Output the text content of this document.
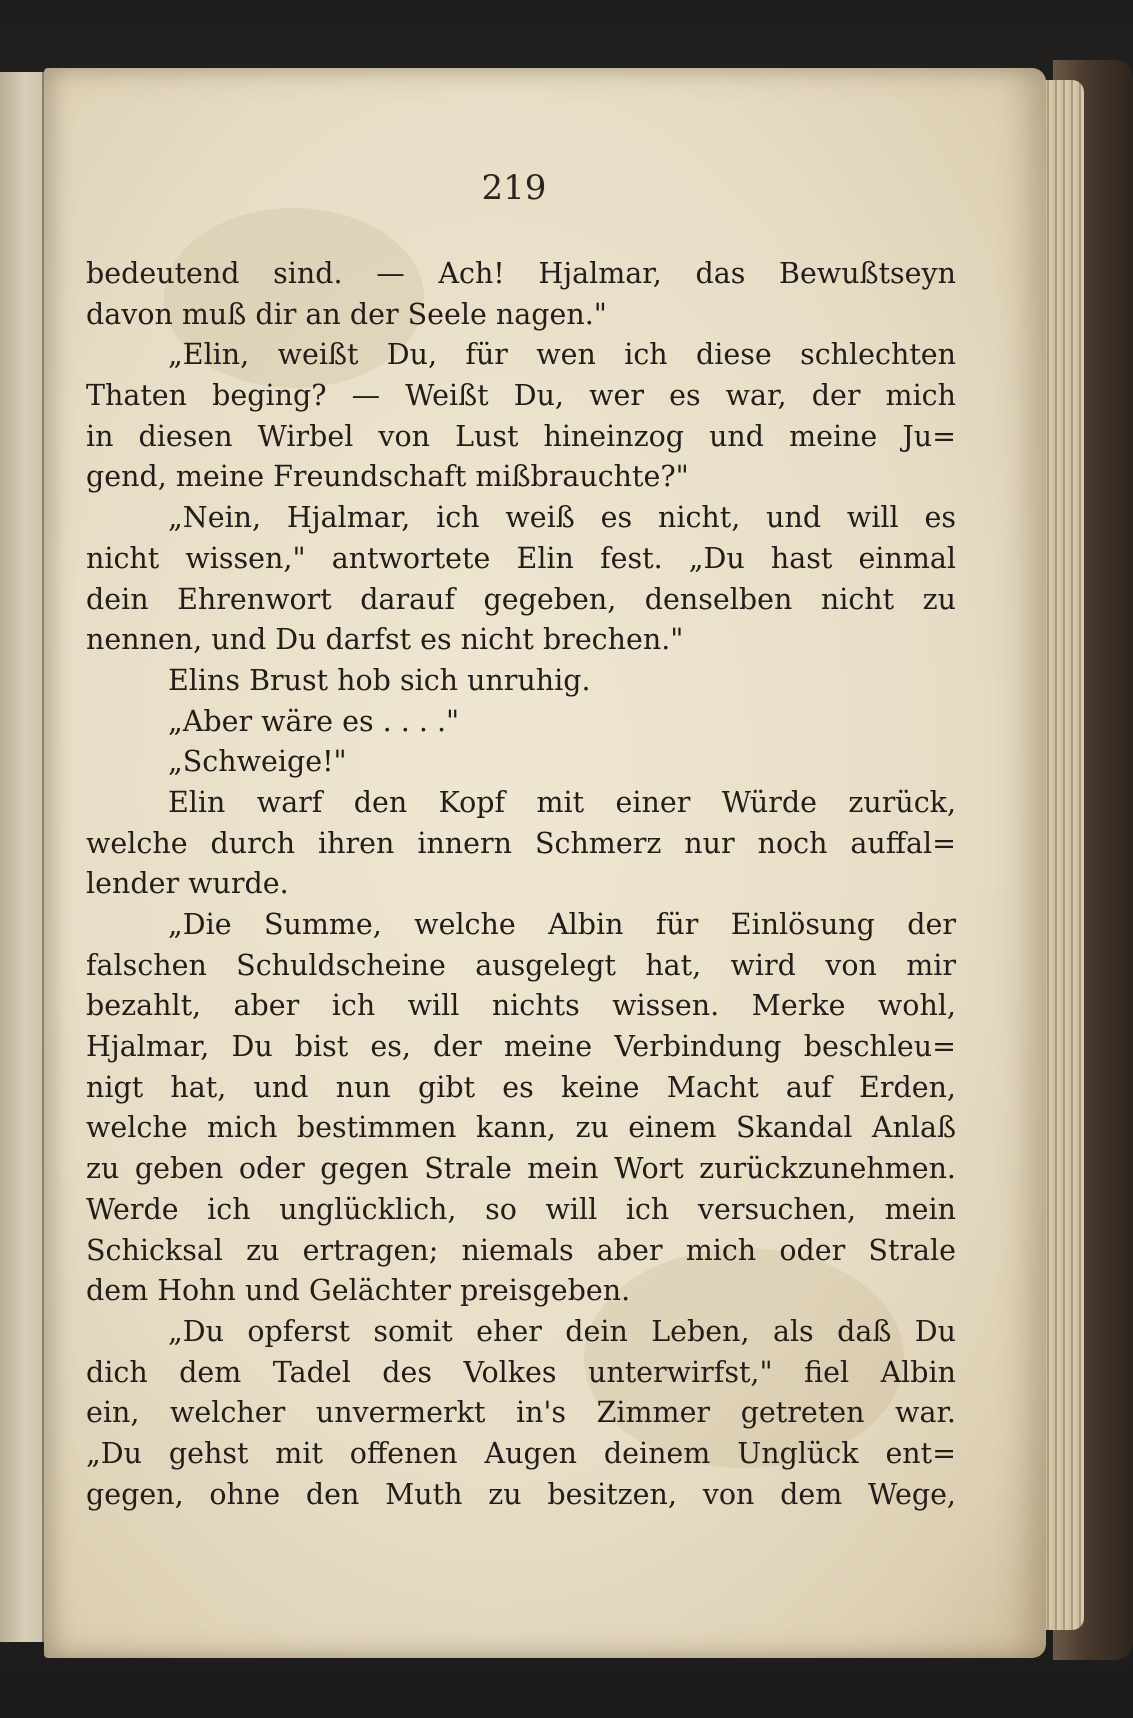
219
bedeutend sind. — Ach! Hjalmar, das Bewußtseyn
davon muß dir an der Seele nagen."
„Elin, weißt Du, für wen ich diese schlechten
Thaten beging? — Weißt Du, wer es war, der mich
in diesen Wirbel von Lust hineinzog und meine Ju=
gend, meine Freundschaft mißbrauchte?"
„Nein, Hjalmar, ich weiß es nicht, und will es
nicht wissen," antwortete Elin fest. „Du hast einmal
dein Ehrenwort darauf gegeben, denselben nicht zu
nennen, und Du darfst es nicht brechen."
Elins Brust hob sich unruhig.
„Aber wäre es . . . ."
„Schweige!"
Elin warf den Kopf mit einer Würde zurück,
welche durch ihren innern Schmerz nur noch auffal=
lender wurde.
„Die Summe, welche Albin für Einlösung der
falschen Schuldscheine ausgelegt hat, wird von mir
bezahlt, aber ich will nichts wissen. Merke wohl,
Hjalmar, Du bist es, der meine Verbindung beschleu=
nigt hat, und nun gibt es keine Macht auf Erden,
welche mich bestimmen kann, zu einem Skandal Anlaß
zu geben oder gegen Strale mein Wort zurückzunehmen.
Werde ich unglücklich, so will ich versuchen, mein
Schicksal zu ertragen; niemals aber mich oder Strale
dem Hohn und Gelächter preisgeben.
„Du opferst somit eher dein Leben, als daß Du
dich dem Tadel des Volkes unterwirfst," fiel Albin
ein, welcher unvermerkt in's Zimmer getreten war.
„Du gehst mit offenen Augen deinem Unglück ent=
gegen, ohne den Muth zu besitzen, von dem Wege,
